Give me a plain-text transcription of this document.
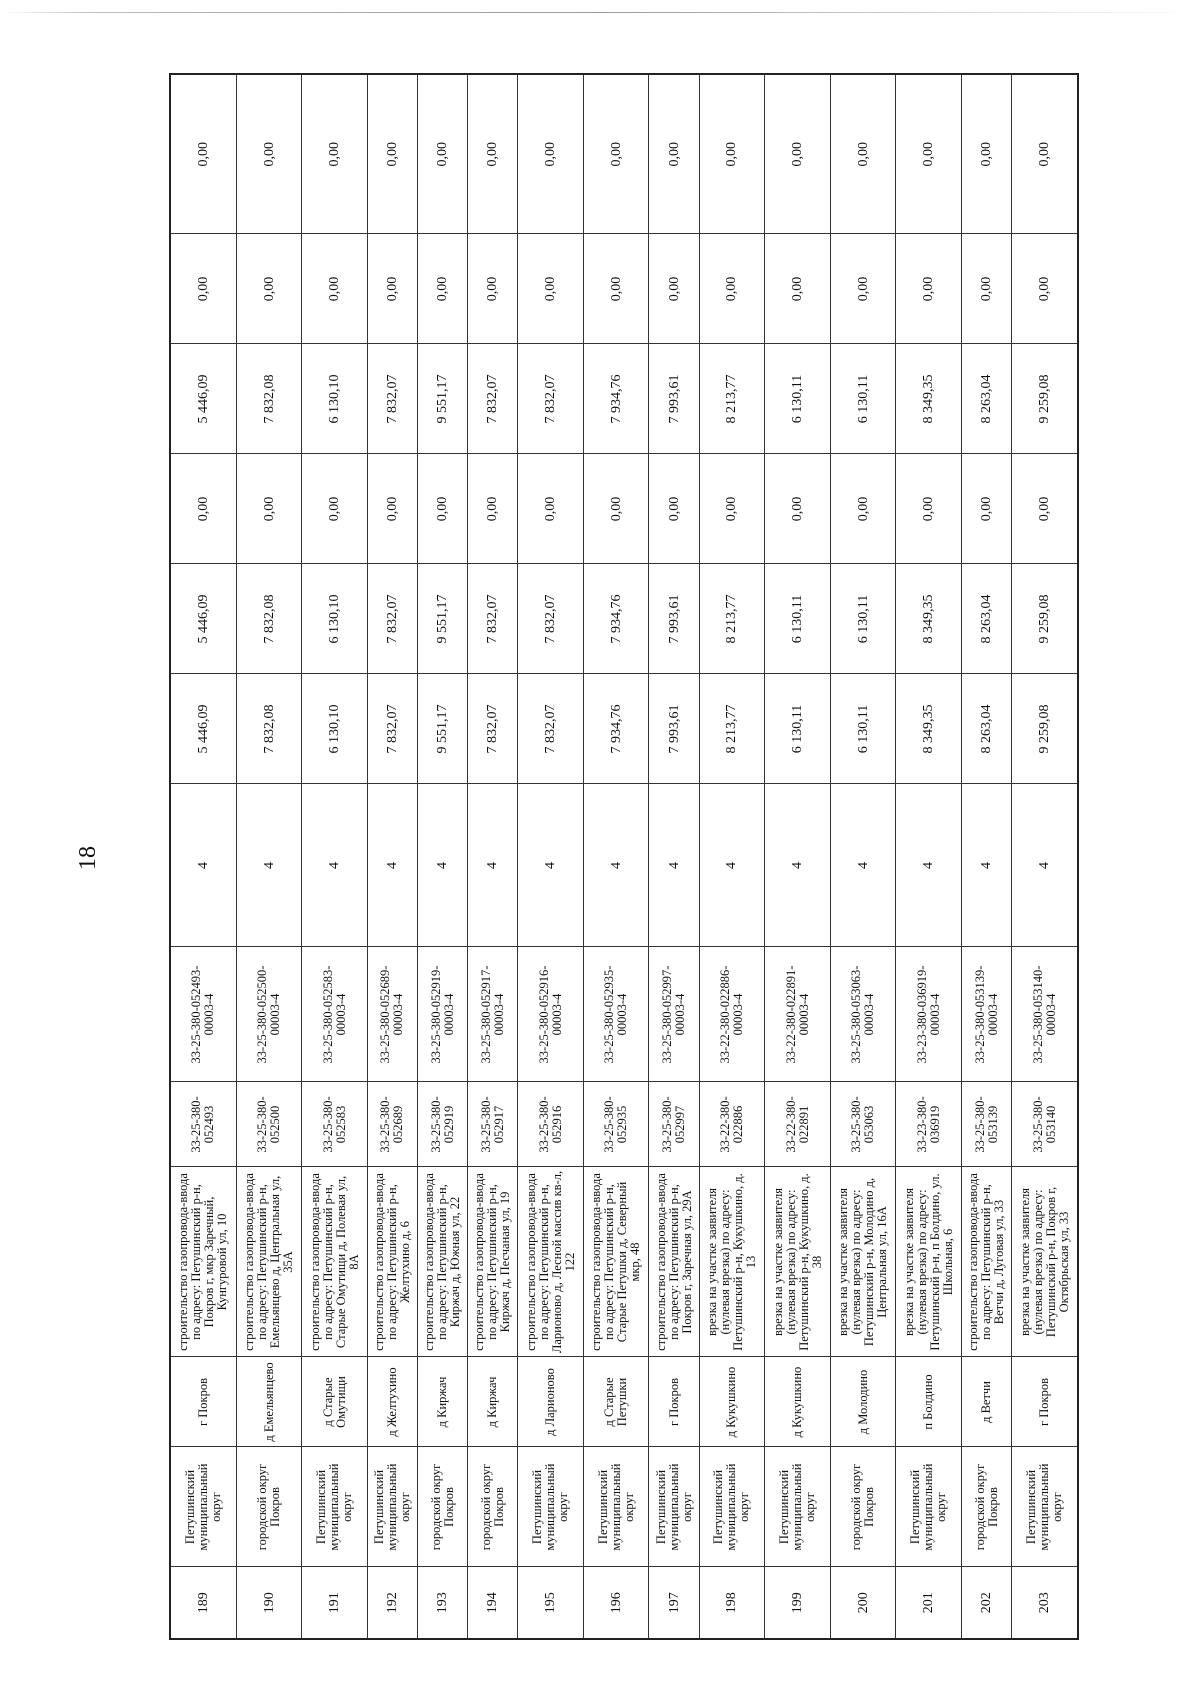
18
189	Петушинский муниципальный округ	г Покров	строительство газопровода-ввода по адресу: Петушинский р-н, Покров г, мкр Заречный, Кунгуровой ул, 10	33-25-380-052493	33-25-380-052493-00003-4	4	5 446,09	5 446,09	0,00	5 446,09	0,00	0,00
190	городской округ Покров	д Емельянцево	строительство газопровода-ввода по адресу: Петушинский р-н, Емельянцево д, Центральная ул, 35А	33-25-380-052500	33-25-380-052500-00003-4	4	7 832,08	7 832,08	0,00	7 832,08	0,00	0,00
191	Петушинский муниципальный округ	д Старые Омутищи	строительство газопровода-ввода по адресу: Петушинский р-н, Старые Омутищи д, Полевая ул, 8А	33-25-380-052583	33-25-380-052583-00003-4	4	6 130,10	6 130,10	0,00	6 130,10	0,00	0,00
192	Петушинский муниципальный округ	д Желтухино	строительство газопровода-ввода по адресу: Петушинский р-н, Желтухино д, 6	33-25-380-052689	33-25-380-052689-00003-4	4	7 832,07	7 832,07	0,00	7 832,07	0,00	0,00
193	городской округ Покров	д Киржач	строительство газопровода-ввода по адресу: Петушинский р-н, Киржач д, Южная ул, 22	33-25-380-052919	33-25-380-052919-00003-4	4	9 551,17	9 551,17	0,00	9 551,17	0,00	0,00
194	городской округ Покров	д Киржач	строительство газопровода-ввода по адресу: Петушинский р-н, Киржач д, Песчаная ул, 19	33-25-380-052917	33-25-380-052917-00003-4	4	7 832,07	7 832,07	0,00	7 832,07	0,00	0,00
195	Петушинский муниципальный округ	д Ларионово	строительство газопровода-ввода по адресу: Петушинский р-н, Ларионово д, Лесной массив кв-л, 122	33-25-380-052916	33-25-380-052916-00003-4	4	7 832,07	7 832,07	0,00	7 832,07	0,00	0,00
196	Петушинский муниципальный округ	д Старые Петушки	строительство газопровода-ввода по адресу: Петушинский р-н, Старые Петушки д, Северный мкр, 48	33-25-380-052935	33-25-380-052935-00003-4	4	7 934,76	7 934,76	0,00	7 934,76	0,00	0,00
197	Петушинский муниципальный округ	г Покров	строительство газопровода-ввода по адресу: Петушинский р-н, Покров г, Заречная ул, 29А	33-25-380-052997	33-25-380-052997-00003-4	4	7 993,61	7 993,61	0,00	7 993,61	0,00	0,00
198	Петушинский муниципальный округ	д Кукушкино	врезка на участке заявителя (нулевая врезка) по адресу: Петушинский р-н, Кукушкино, д. 13	33-22-380-022886	33-22-380-022886-00003-4	4	8 213,77	8 213,77	0,00	8 213,77	0,00	0,00
199	Петушинский муниципальный округ	д Кукушкино	врезка на участке заявителя (нулевая врезка) по адресу: Петушинский р-н, Кукушкино, д. 38	33-22-380-022891	33-22-380-022891-00003-4	4	6 130,11	6 130,11	0,00	6 130,11	0,00	0,00
200	городской округ Покров	д Молодино	врезка на участке заявителя (нулевая врезка) по адресу: Петушинский р-н, Молодино д, Центральная ул, 16А	33-25-380-053063	33-25-380-053063-00003-4	4	6 130,11	6 130,11	0,00	6 130,11	0,00	0,00
201	Петушинский муниципальный округ	п Болдино	врезка на участке заявителя (нулевая врезка) по адресу: Петушинский р-н, п Болдино, ул. Школьная, 6	33-23-380-036919	33-23-380-036919-00003-4	4	8 349,35	8 349,35	0,00	8 349,35	0,00	0,00
202	городской округ Покров	д Ветчи	строительство газопровода-ввода по адресу: Петушинский р-н, Ветчи д, Луговая ул, 33	33-25-380-053139	33-25-380-053139-00003-4	4	8 263,04	8 263,04	0,00	8 263,04	0,00	0,00
203	Петушинский муниципальный округ	г Покров	врезка на участке заявителя (нулевая врезка) по адресу: Петушинский р-н, Покров г, Октябрьская ул, 33	33-25-380-053140	33-25-380-053140-00003-4	4	9 259,08	9 259,08	0,00	9 259,08	0,00	0,00
